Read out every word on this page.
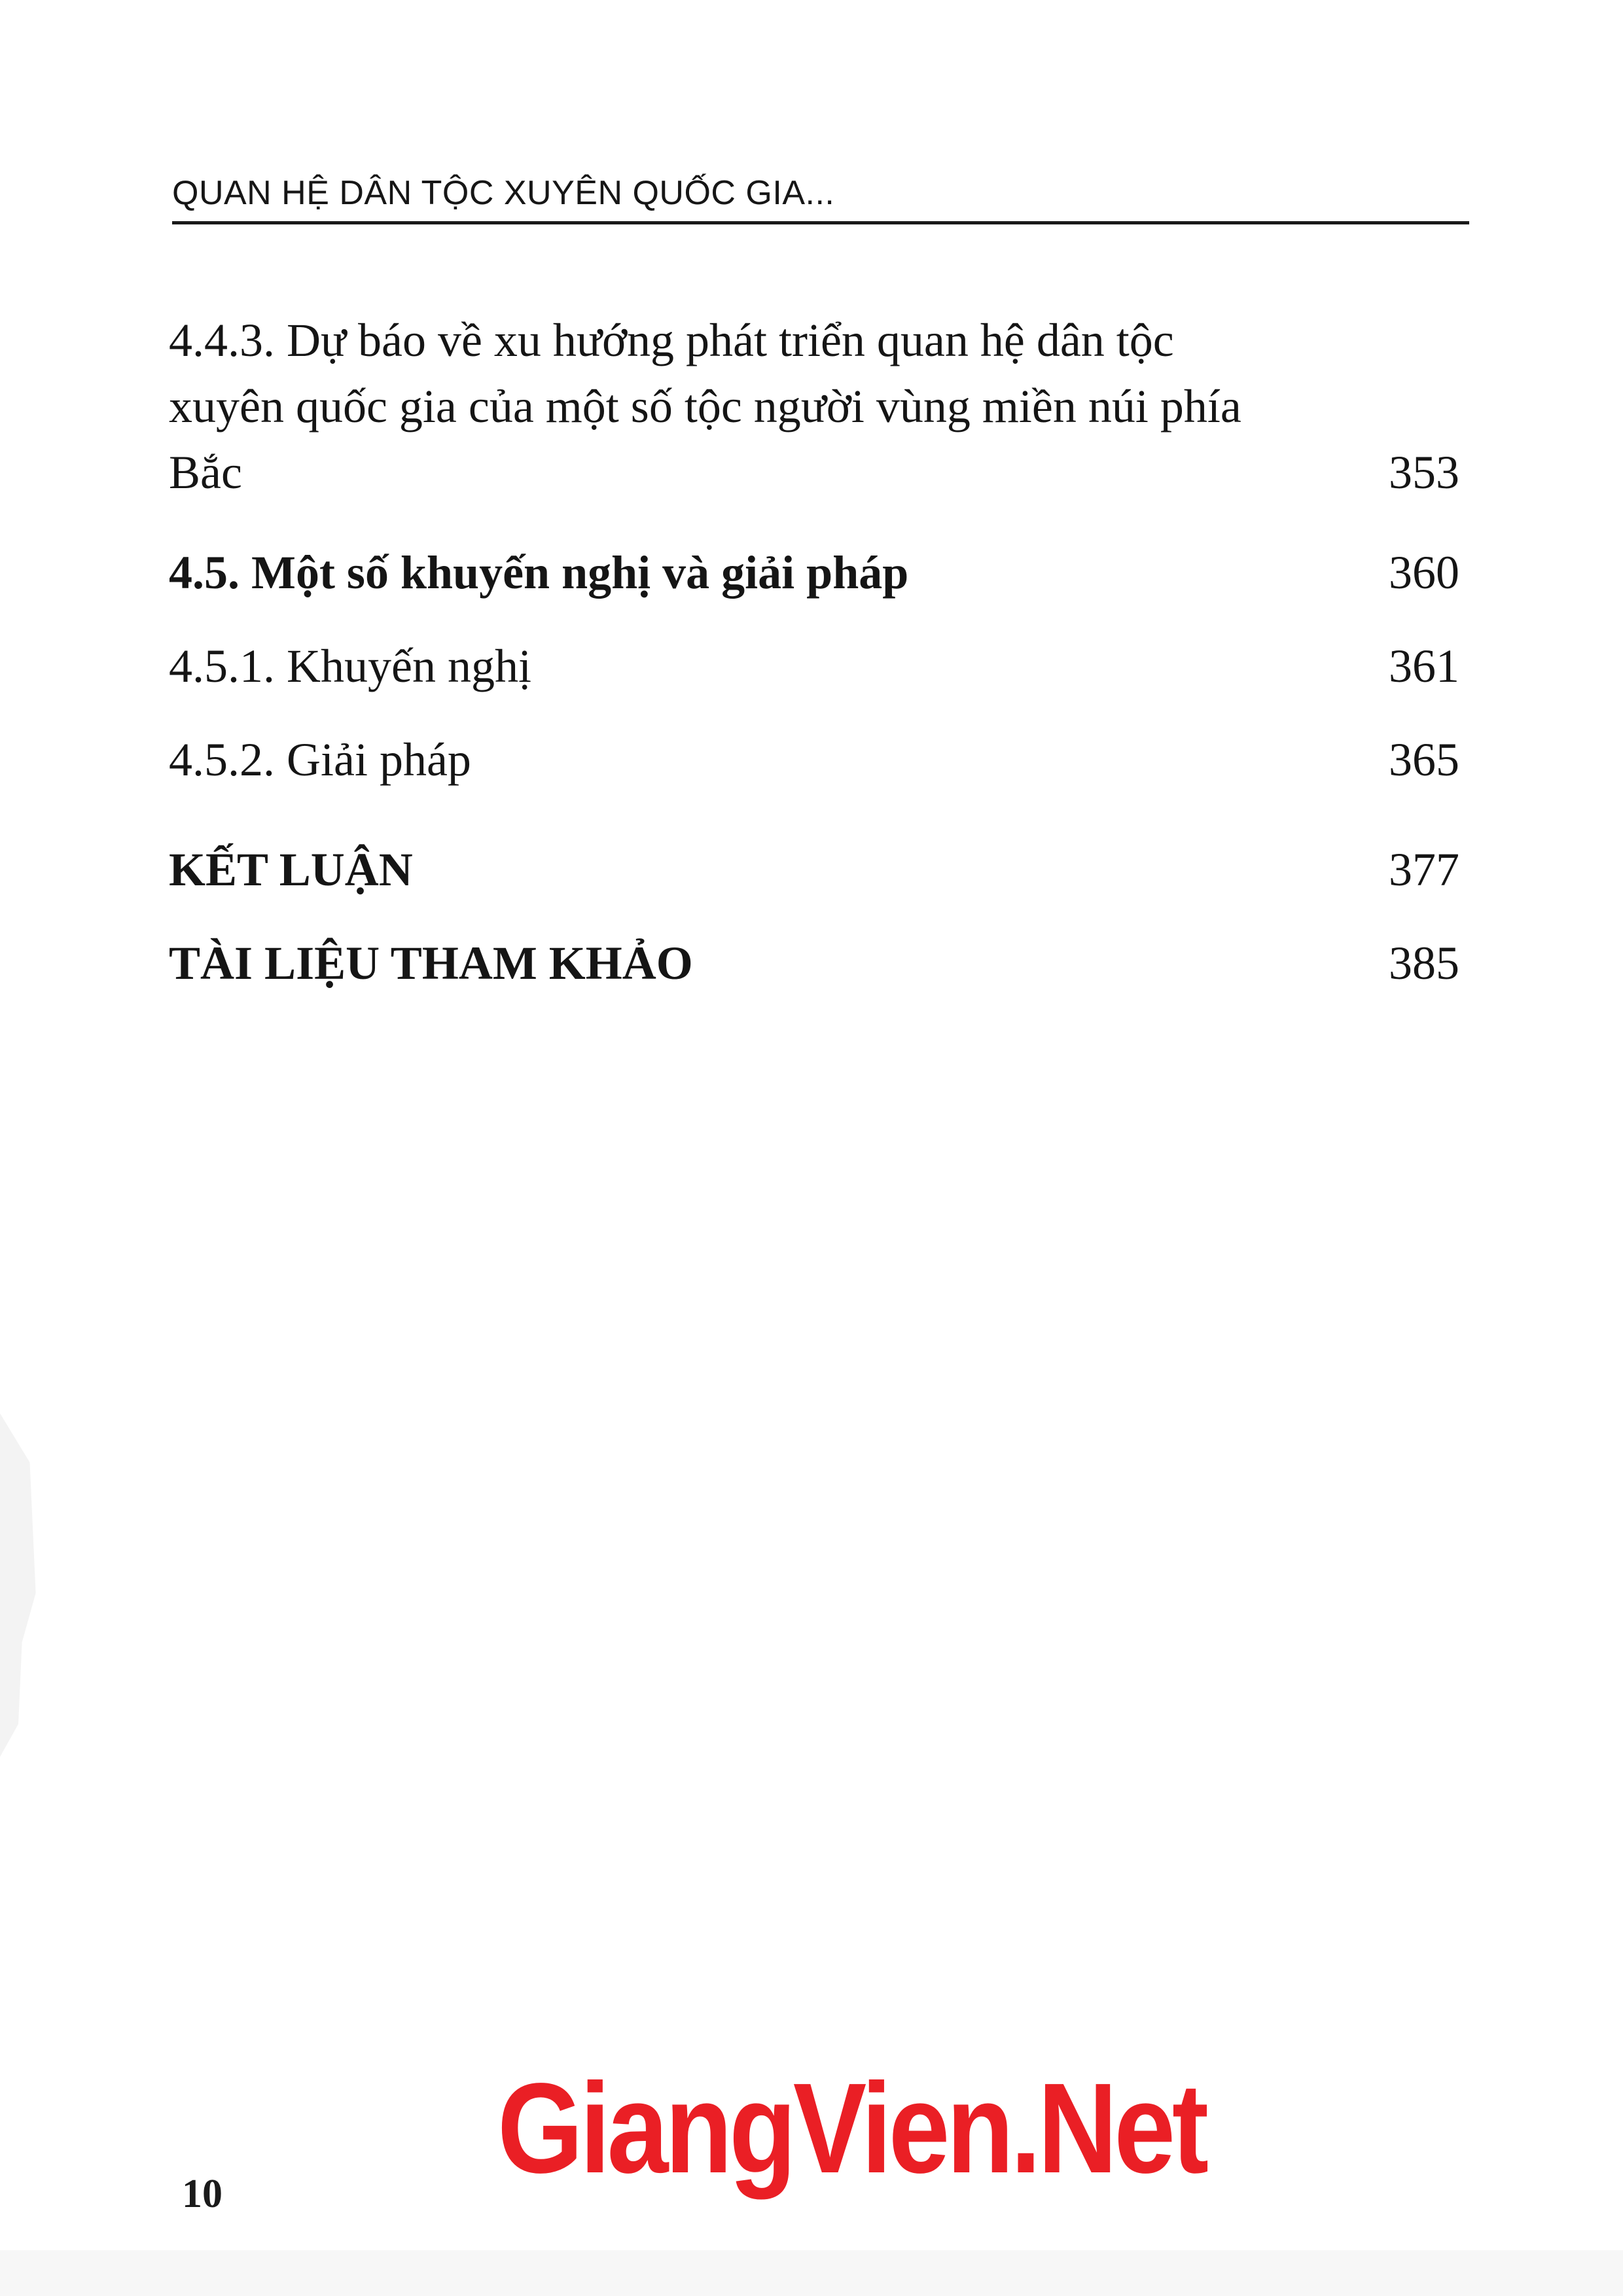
QUAN HỆ DÂN TỘC XUYÊN QUỐC GIA...
4.4.3. Dự báo về xu hướng phát triển quan hệ dân tộc xuyên quốc gia của một số tộc người vùng miền núi phía Bắc	353
4.5. Một số khuyến nghị và giải pháp	360
4.5.1. Khuyến nghị	361
4.5.2. Giải pháp	365
KẾT LUẬN	377
TÀI LIỆU THAM KHẢO	385
GiangVien.Net
10
